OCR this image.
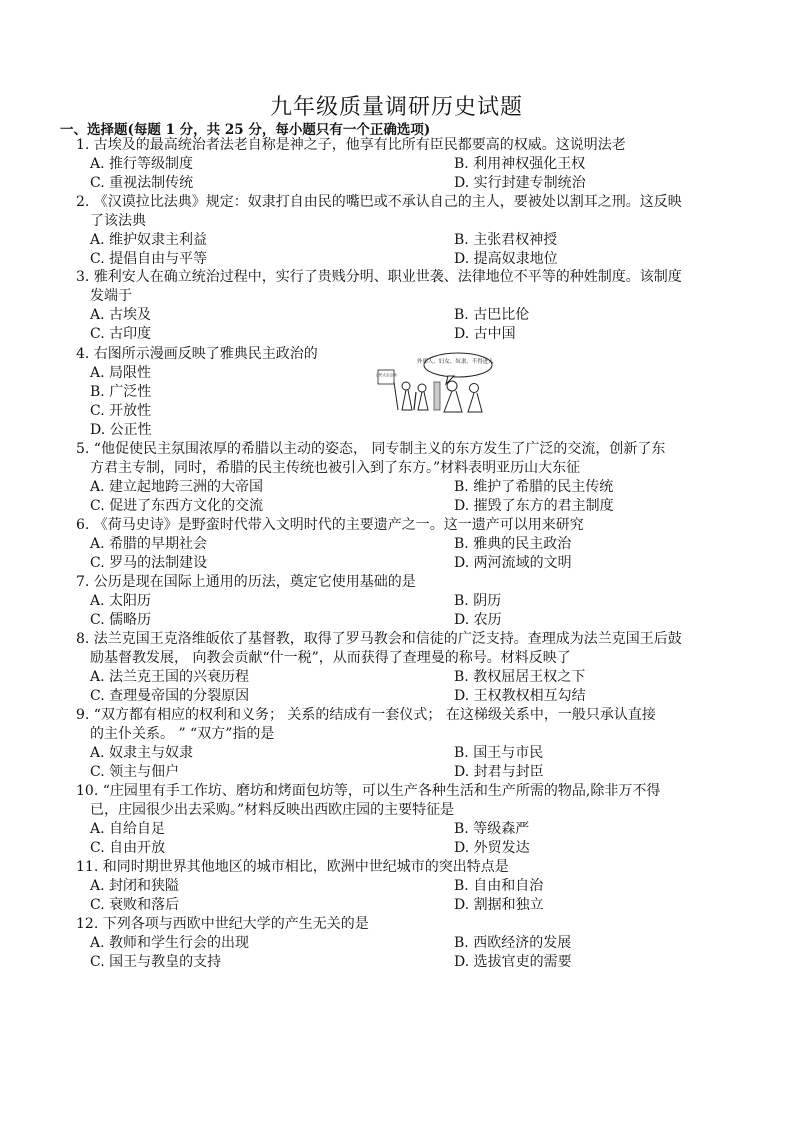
九年级质量调研历史试题
一、选择题(每题 1 分，共 25 分，每小题只有一个正确选项)
1. 古埃及的最高统治者法老自称是神之子，他享有比所有臣民都要高的权威。这说明法老
A. 推行等级制度	B. 利用神权强化王权
C. 重视法制传统	D. 实行封建专制统治
2. 《汉谟拉比法典》规定：奴隶打自由民的嘴巴或不承认自己的主人，要被处以割耳之刑。这反映
了该法典
A. 维护奴隶主利益	B. 主张君权神授
C. 提倡自由与平等	D. 提高奴隶地位
3. 雅利安人在确立统治过程中，实行了贵贱分明、职业世袭、法律地位不平等的种姓制度。该制度
发端于
A. 古埃及	B. 古巴比伦
C. 古印度	D. 古中国
4. 右图所示漫画反映了雅典民主政治的
A. 局限性
B. 广泛性
C. 开放性
D. 公正性
外邦人、妇女、奴隶，不得进入。
公民大会会场
5. “他促使民主氛围浓厚的希腊以主动的姿态， 同专制主义的东方发生了广泛的交流，创新了东
方君主专制，同时，希腊的民主传统也被引入到了东方。”材料表明亚历山大东征
A. 建立起地跨三洲的大帝国	B. 维护了希腊的民主传统
C. 促进了东西方文化的交流	D. 摧毁了东方的君主制度
6. 《荷马史诗》是野蛮时代带入文明时代的主要遗产之一。这一遗产可以用来研究
A. 希腊的早期社会	B. 雅典的民主政治
C. 罗马的法制建设	D. 两河流域的文明
7. 公历是现在国际上通用的历法，奠定它使用基础的是
A. 太阳历	B. 阴历
C. 儒略历	D. 农历
8. 法兰克国王克洛维皈依了基督教，取得了罗马教会和信徒的广泛支持。查理成为法兰克国王后鼓
励基督教发展， 向教会贡献“什一税”，从而获得了查理曼的称号。材料反映了
A. 法兰克王国的兴衰历程	B. 教权屈居王权之下
C. 查理曼帝国的分裂原因	D. 王权教权相互勾结
9. “双方都有相应的权利和义务； 关系的结成有一套仪式； 在这梯级关系中，一般只承认直接
的主仆关系。 ” “双方”指的是
A. 奴隶主与奴隶	B. 国王与市民
C. 领主与佃户	D. 封君与封臣
10. “庄园里有手工作坊、磨坊和烤面包坊等，可以生产各种生活和生产所需的物品,除非万不得
已，庄园很少出去采购。”材料反映出西欧庄园的主要特征是
A. 自给自足	B. 等级森严
C. 自由开放	D. 外贸发达
11. 和同时期世界其他地区的城市相比，欧洲中世纪城市的突出特点是
A. 封闭和狭隘	B. 自由和自治
C. 衰败和落后	D. 割据和独立
12. 下列各项与西欧中世纪大学的产生无关的是
A. 教师和学生行会的出现	B. 西欧经济的发展
C. 国王与教皇的支持	D. 选拔官吏的需要
